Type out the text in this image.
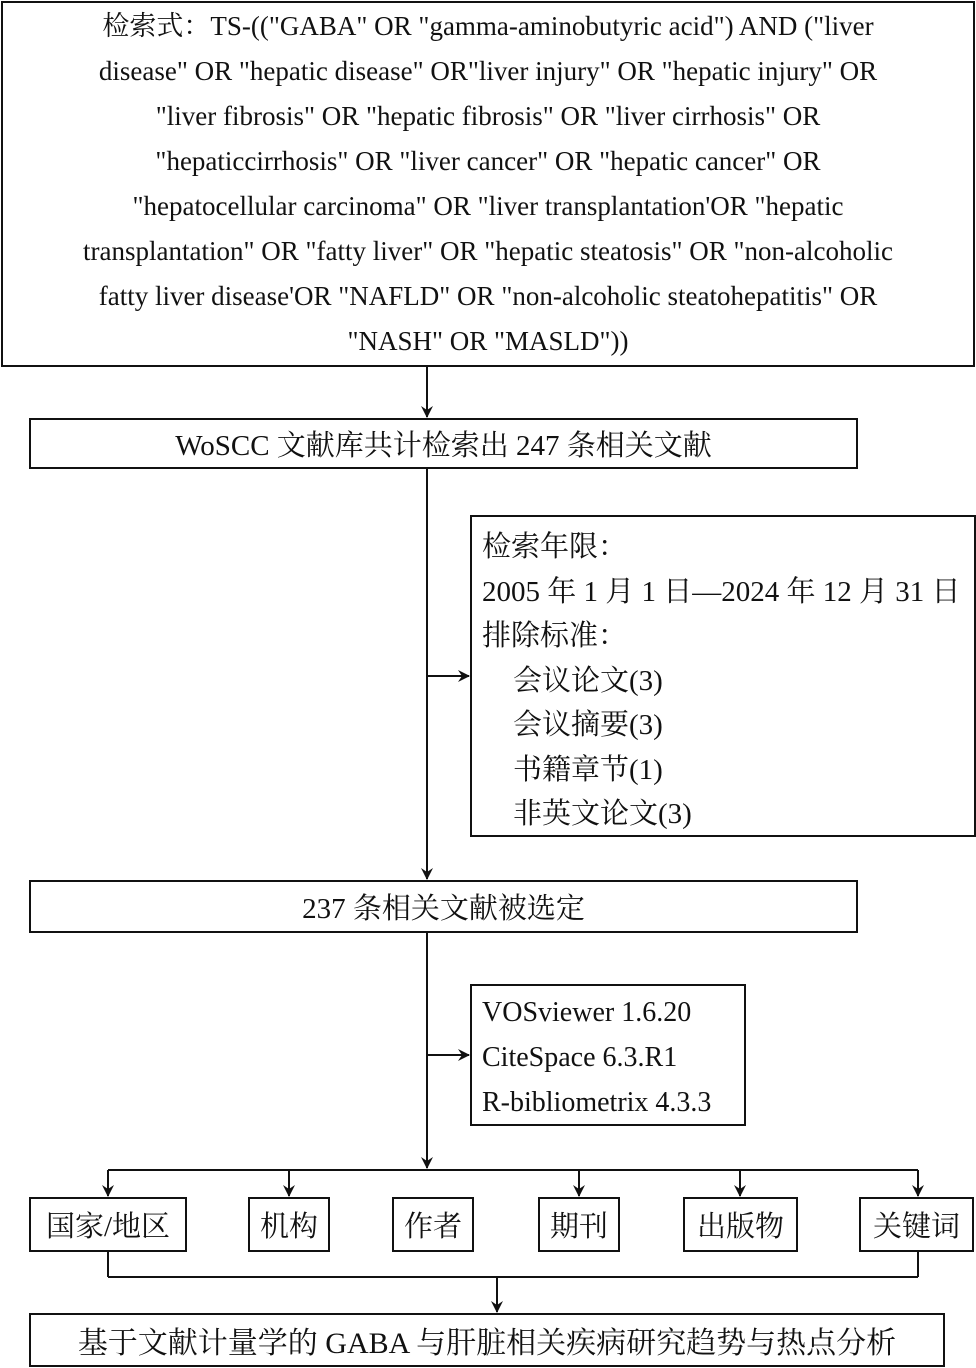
检索式：TS-(("GABA" OR "gamma-aminobutyric acid") AND ("liver
disease" OR "hepatic disease" OR"liver injury" OR "hepatic injury" OR
"liver fibrosis" OR "hepatic fibrosis" OR "liver cirrhosis" OR
"hepaticcirrhosis" OR "liver cancer" OR "hepatic cancer" OR
"hepatocellular carcinoma" OR "liver transplantation'OR "hepatic
transplantation" OR "fatty liver" OR "hepatic steatosis" OR "non-alcoholic
fatty liver disease'OR "NAFLD" OR "non-alcoholic steatohepatitis" OR
"NASH" OR "MASLD"))
WoSCC 文献库共计检索出 247 条相关文献
检索年限：
2005 年 1 月 1 日—2024 年 12 月 31 日
排除标准：
会议论文(3)
会议摘要(3)
书籍章节(1)
非英文论文(3)
237 条相关文献被选定
VOSviewer 1.6.20
CiteSpace 6.3.R1
R-bibliometrix 4.3.3
国家/地区	机构	作者	期刊	出版物	关键词
基于文献计量学的 GABA 与肝脏相关疾病研究趋势与热点分析
